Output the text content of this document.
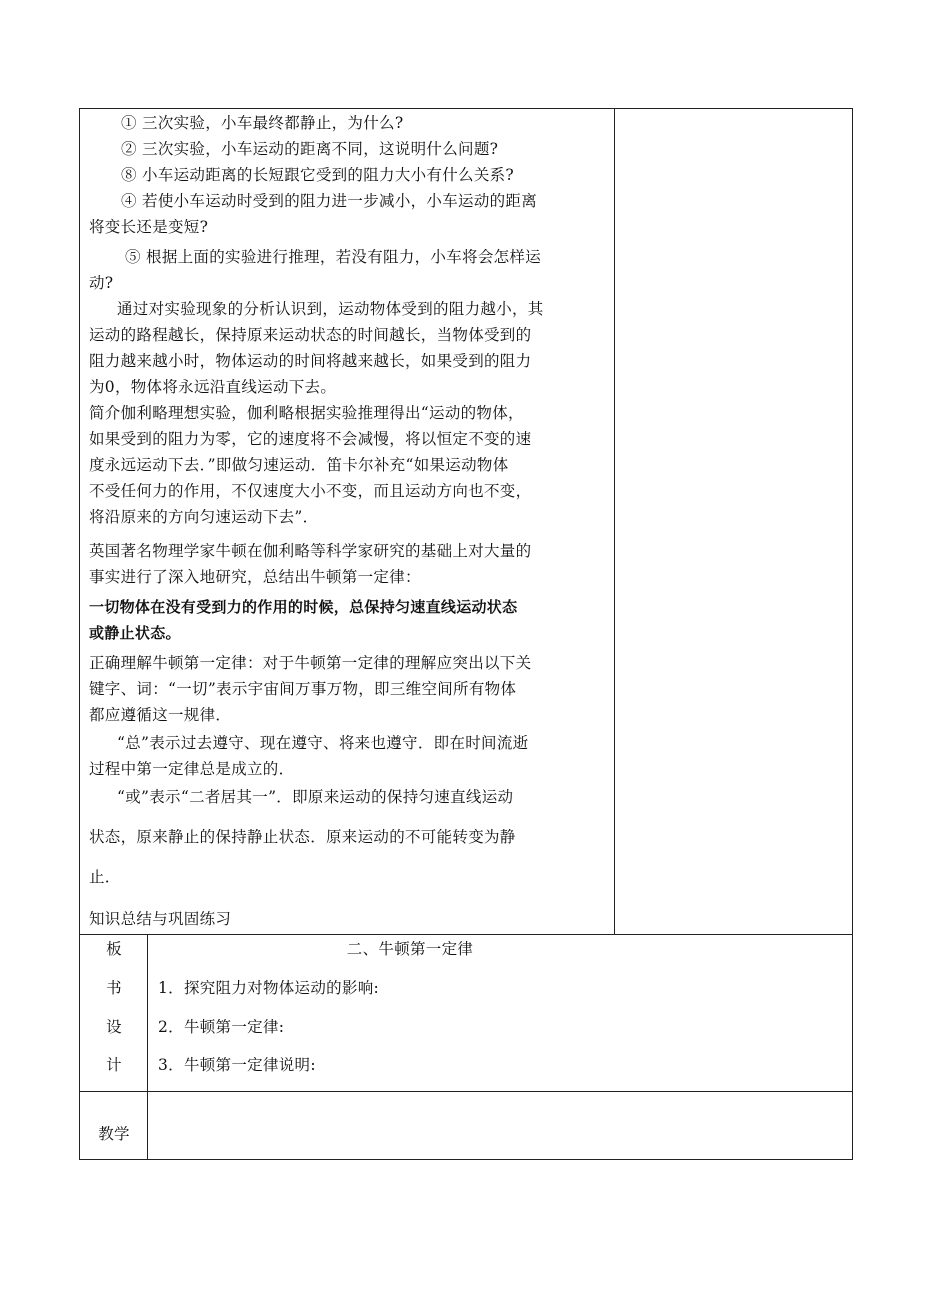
① 三次实验，小车最终都静止，为什么?
② 三次实验，小车运动的距离不同，这说明什么问题?
⑧ 小车运动距离的长短跟它受到的阻力大小有什么关系?
④ 若使小车运动时受到的阻力进一步减小，小车运动的距离
将变长还是变短?
⑤ 根据上面的实验进行推理，若没有阻力，小车将会怎样运
动?
通过对实验现象的分析认识到，运动物体受到的阻力越小，其
运动的路程越长，保持原来运动状态的时间越长，当物体受到的
阻力越来越小时，物体运动的时间将越来越长，如果受到的阻力
为0，物体将永远沿直线运动下去。
简介伽利略理想实验，伽利略根据实验推理得出“运动的物体，
如果受到的阻力为零，它的速度将不会减慢，将以恒定不变的速
度永远运动下去．”即做匀速运动．笛卡尔补充“如果运动物体
不受任何力的作用，不仅速度大小不变，而且运动方向也不变，
将沿原来的方向匀速运动下去”．
英国著名物理学家牛顿在伽利略等科学家研究的基础上对大量的
事实进行了深入地研究，总结出牛顿第一定律：
一切物体在没有受到力的作用的时候，总保持匀速直线运动状态
或静止状态。
正确理解牛顿第一定律：对于牛顿第一定律的理解应突出以下关
键字、词：“一切”表示宇宙间万事万物，即三维空间所有物体
都应遵循这一规律．
“总”表示过去遵守、现在遵守、将来也遵守．即在时间流逝
过程中第一定律总是成立的．
“或”表示“二者居其一”．即原来运动的保持匀速直线运动
状态，原来静止的保持静止状态．原来运动的不可能转变为静
止．
知识总结与巩固练习
板
书
设
计
二、牛顿第一定律
1．探究阻力对物体运动的影响:
2．牛顿第一定律:
3．牛顿第一定律说明:
教学
